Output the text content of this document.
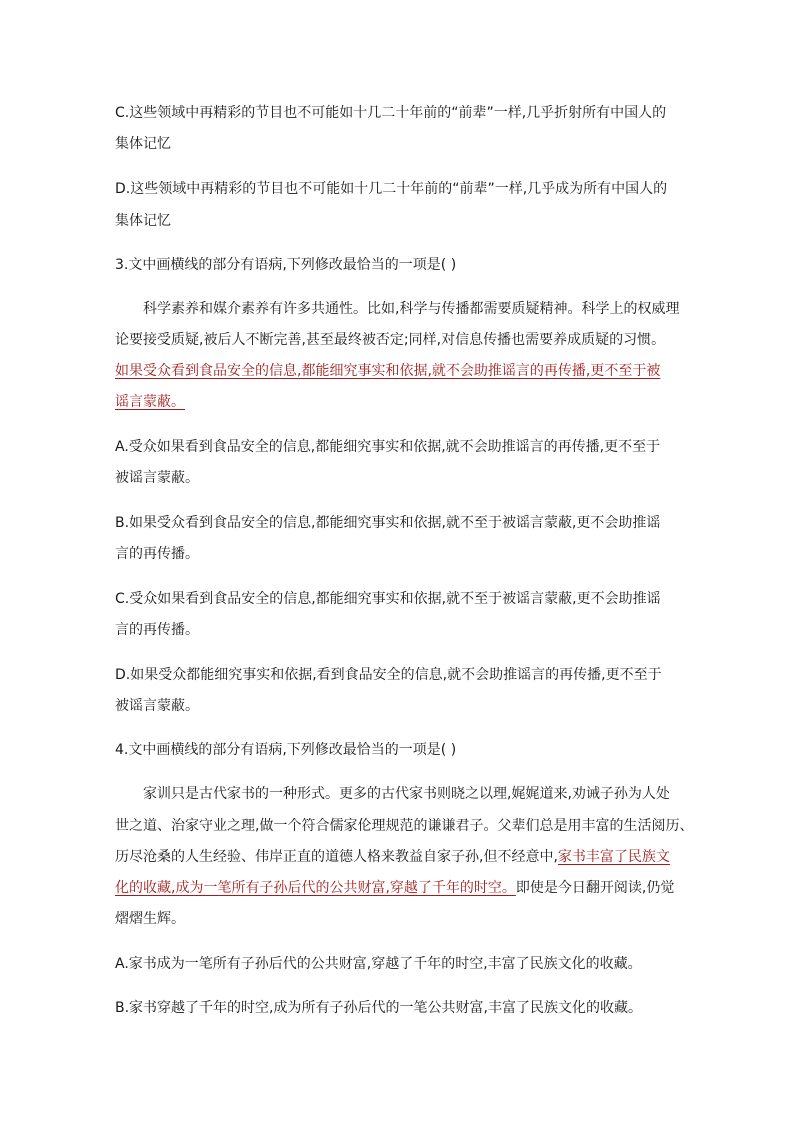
C.这些领域中再精彩的节目也不可能如十几二十年前的“前辈”一样,几乎折射所有中国人的
集体记忆
D.这些领域中再精彩的节目也不可能如十几二十年前的“前辈”一样,几乎成为所有中国人的
集体记忆
3.文中画横线的部分有语病,下列修改最恰当的一项是( )
科学素养和媒介素养有许多共通性。比如,科学与传播都需要质疑精神。科学上的权威理
论要接受质疑,被后人不断完善,甚至最终被否定;同样,对信息传播也需要养成质疑的习惯。
如果受众看到食品安全的信息,都能细究事实和依据,就不会助推谣言的再传播,更不至于被
谣言蒙蔽。
A.受众如果看到食品安全的信息,都能细究事实和依据,就不会助推谣言的再传播,更不至于
被谣言蒙蔽。
B.如果受众看到食品安全的信息,都能细究事实和依据,就不至于被谣言蒙蔽,更不会助推谣
言的再传播。
C.受众如果看到食品安全的信息,都能细究事实和依据,就不至于被谣言蒙蔽,更不会助推谣
言的再传播。
D.如果受众都能细究事实和依据,看到食品安全的信息,就不会助推谣言的再传播,更不至于
被谣言蒙蔽。
4.文中画横线的部分有语病,下列修改最恰当的一项是( )
家训只是古代家书的一种形式。更多的古代家书则晓之以理,娓娓道来,劝诫子孙为人处
世之道、治家守业之理,做一个符合儒家伦理规范的谦谦君子。父辈们总是用丰富的生活阅历、
历尽沧桑的人生经验、伟岸正直的道德人格来教益自家子孙,但不经意中,家书丰富了民族文
化的收藏,成为一笔所有子孙后代的公共财富,穿越了千年的时空。即使是今日翻开阅读,仍觉
熠熠生辉。
A.家书成为一笔所有子孙后代的公共财富,穿越了千年的时空,丰富了民族文化的收藏。
B.家书穿越了千年的时空,成为所有子孙后代的一笔公共财富,丰富了民族文化的收藏。
